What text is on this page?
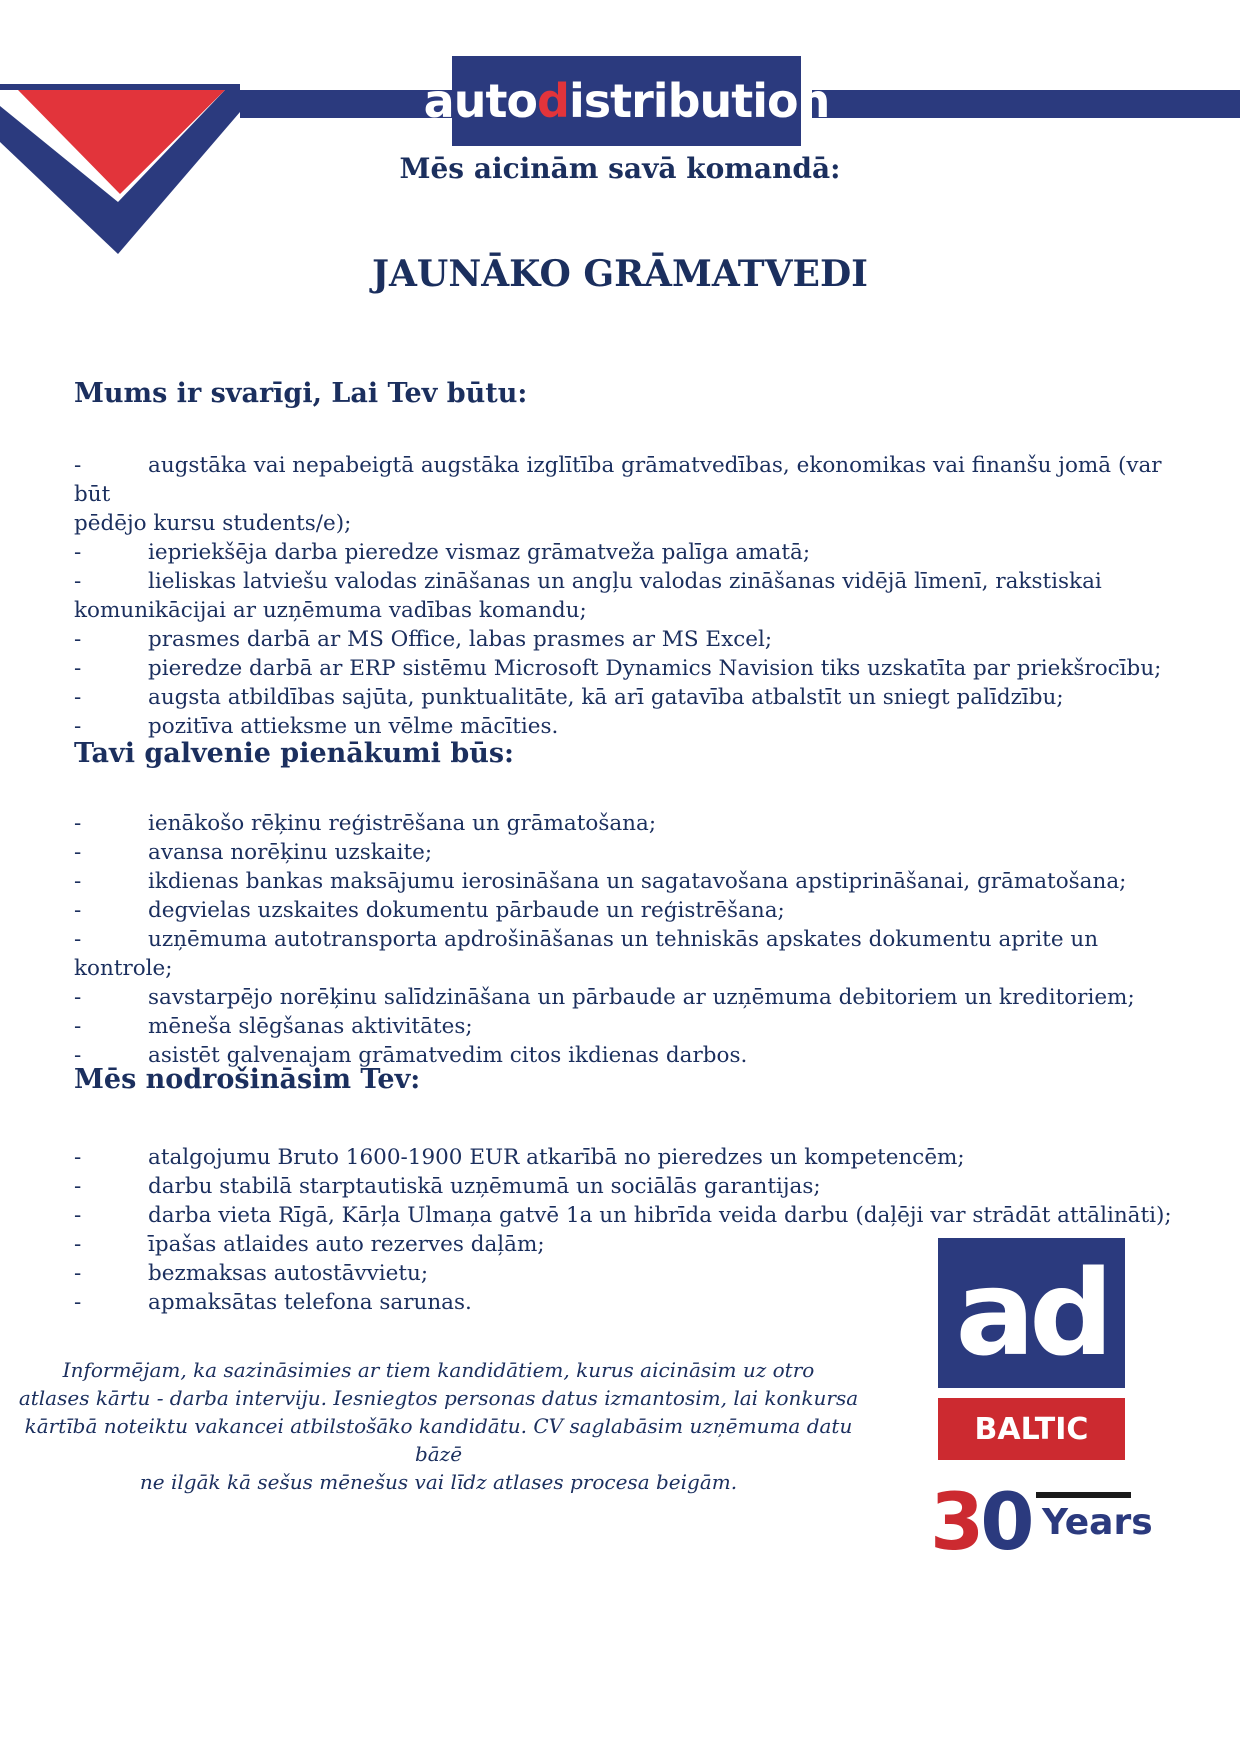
autodistribution
Mēs aicinām savā komandā:
JAUNĀKO GRĀMATVEDI
Mums ir svarīgi, Lai Tev būtu:
-	augstāka vai nepabeigtā augstāka izglītība grāmatvedības, ekonomikas vai finanšu jomā (var būt
pēdējo kursu students/e);
-	iepriekšēja darba pieredze vismaz grāmatveža palīga amatā;
-	lieliskas latviešu valodas zināšanas un angļu valodas zināšanas vidējā līmenī, rakstiskai
komunikācijai ar uzņēmuma vadības komandu;
-	prasmes darbā ar MS Office, labas prasmes ar MS Excel;
-	pieredze darbā ar ERP sistēmu Microsoft Dynamics Navision tiks uzskatīta par priekšrocību;
-	augsta atbildības sajūta, punktualitāte, kā arī gatavība atbalstīt un sniegt palīdzību;
-	pozitīva attieksme un vēlme mācīties.
Tavi galvenie pienākumi būs:
-	ienākošo rēķinu reģistrēšana un grāmatošana;
-	avansa norēķinu uzskaite;
-	ikdienas bankas maksājumu ierosināšana un sagatavošana apstiprināšanai, grāmatošana;
-	degvielas uzskaites dokumentu pārbaude un reģistrēšana;
-	uzņēmuma autotransporta apdrošināšanas un tehniskās apskates dokumentu aprite un kontrole;
-	savstarpējo norēķinu salīdzināšana un pārbaude ar uzņēmuma debitoriem un kreditoriem;
-	mēneša slēgšanas aktivitātes;
-	asistēt galvenajam grāmatvedim citos ikdienas darbos.
Mēs nodrošināsim Tev:
-	atalgojumu Bruto 1600-1900 EUR atkarībā no pieredzes un kompetencēm;
-	darbu stabilā starptautiskā uzņēmumā un sociālās garantijas;
-	darba vieta Rīgā, Kārļa Ulmaņa gatvē 1a un hibrīda veida darbu (daļēji var strādāt attālināti);
-	īpašas atlaides auto rezerves daļām;
-	bezmaksas autostāvvietu;
-	apmaksātas telefona sarunas.
Informējam, ka sazināsimies ar tiem kandidātiem, kurus aicināsim uz otro
atlases kārtu - darba interviju. Iesniegtos personas datus izmantosim, lai konkursa
kārtībā noteiktu vakancei atbilstošāko kandidātu. CV saglabāsim uzņēmuma datu bāzē
ne ilgāk kā sešus mēnešus vai līdz atlases procesa beigām.
ad
BALTIC
30 Years
